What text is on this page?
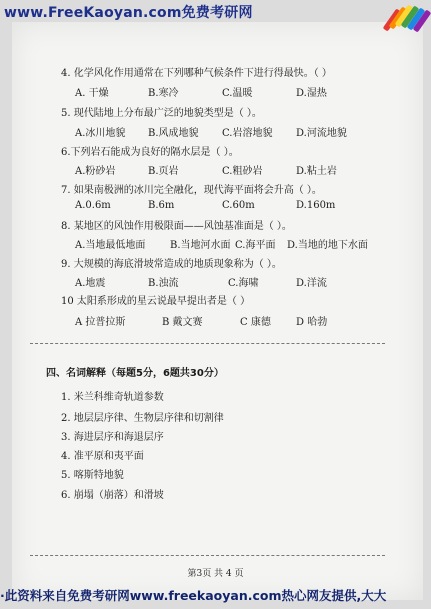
www.FreeKaoyan.com免费考研网
4. 化学风化作用通常在下列哪种气候条件下进行得最快。（ ）
A. 干燥	B.寒冷	C.温暖	D.湿热
5. 现代陆地上分布最广泛的地貌类型是（ ）。
A.冰川地貌 B.风成地貌 C.岩溶地貌 D.河流地貌
6.下列岩石能成为良好的隔水层是（ ）。
A.粉砂岩	B.页岩	C.粗砂岩	D.粘土岩
7. 如果南极洲的冰川完全融化，现代海平面将会升高（ ）。
A.0.6m	B.6m	C.60m	D.160m
8. 某地区的风蚀作用极限面——风蚀基准面是（ ）。
A.当地最低地面 B.当地河水面 C.海平面 D.当地的地下水面
9. 大规模的海底滑坡常造成的地质现象称为（ ）。
A.地震	B.浊流	C.海啸	D.洋流
10 太阳系形成的星云说最早提出者是（ ）
A 拉普拉斯	B 戴文赛	C 康德	D 哈勃
四、名词解释（每题5分，6题共30分）
1. 米兰科维奇轨道参数
2. 地层层序律、生物层序律和切割律
3. 海进层序和海退层序
4. 准平原和夷平面
5. 喀斯特地貌
6. 崩塌（崩落）和滑坡
第3页 共 4 页
·此资料来自免费考研网www.freekaoyan.com热心网友提供,大大
